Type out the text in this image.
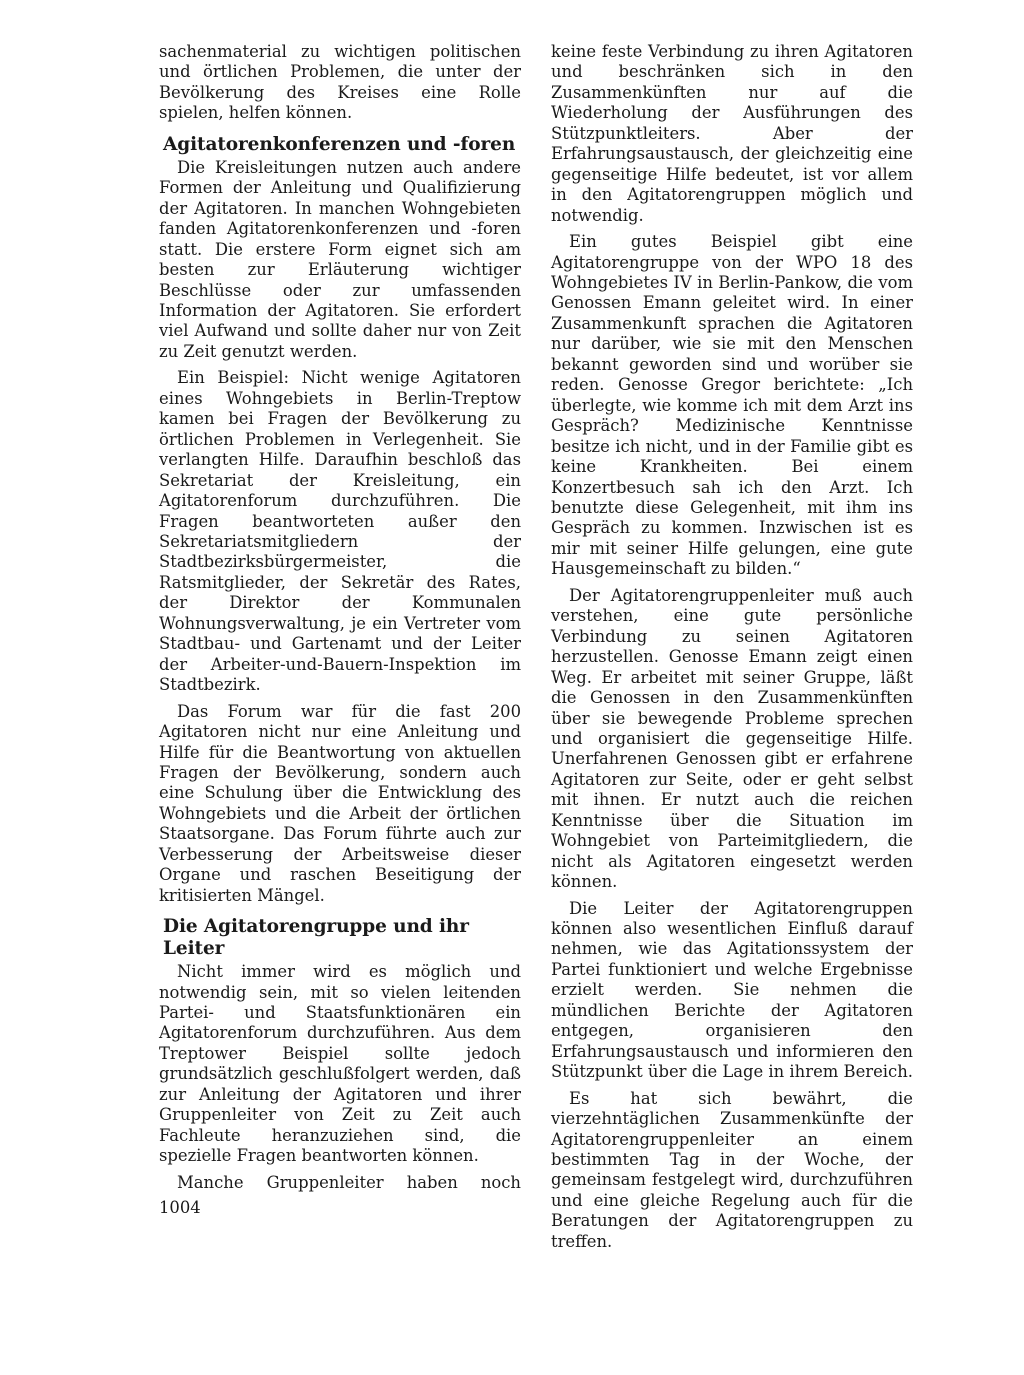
sachenmaterial zu wichtigen politischen und örtlichen Problemen, die unter der Bevölkerung des Kreises eine Rolle spielen, helfen können.

Agitatorenkonferenzen und -foren

Die Kreisleitungen nutzen auch andere Formen der Anleitung und Qualifizierung der Agitatoren. In manchen Wohngebieten fanden Agitatorenkonferenzen und -foren statt. Die erstere Form eignet sich am besten zur Erläuterung wichtiger Beschlüsse oder zur umfassenden Information der Agitatoren. Sie erfordert viel Aufwand und sollte daher nur von Zeit zu Zeit genutzt werden.

Ein Beispiel: Nicht wenige Agitatoren eines Wohngebiets in Berlin-Treptow kamen bei Fragen der Bevölkerung zu örtlichen Problemen in Verlegenheit. Sie verlangten Hilfe. Daraufhin beschloß das Sekretariat der Kreisleitung, ein Agitatorenforum durchzuführen. Die Fragen beantworteten außer den Sekretariatsmitgliedern der Stadtbezirksbürgermeister, die Ratsmitglieder, der Sekretär des Rates, der Direktor der Kommunalen Wohnungsverwaltung, je ein Vertreter vom Stadtbau- und Gartenamt und der Leiter der Arbeiter-und-Bauern-Inspektion im Stadtbezirk.

Das Forum war für die fast 200 Agitatoren nicht nur eine Anleitung und Hilfe für die Beantwortung von aktuellen Fragen der Bevölkerung, sondern auch eine Schulung über die Entwicklung des Wohngebiets und die Arbeit der örtlichen Staatsorgane. Das Forum führte auch zur Verbesserung der Arbeitsweise dieser Organe und raschen Beseitigung der kritisierten Mängel.

Die Agitatorengruppe und ihr Leiter

Nicht immer wird es möglich und notwendig sein, mit so vielen leitenden Partei- und Staatsfunktionären ein Agitatorenforum durchzuführen. Aus dem Treptower Beispiel sollte jedoch grundsätzlich geschlußfolgert werden, daß zur Anleitung der Agitatoren und ihrer Gruppenleiter von Zeit zu Zeit auch Fachleute heranzuziehen sind, die spezielle Fragen beantworten können.

Manche Gruppenleiter haben noch

keine feste Verbindung zu ihren Agitatoren und beschränken sich in den Zusammenkünften nur auf die Wiederholung der Ausführungen des Stützpunktleiters. Aber der Erfahrungsaustausch, der gleichzeitig eine gegenseitige Hilfe bedeutet, ist vor allem in den Agitatorengruppen möglich und notwendig.

Ein gutes Beispiel gibt eine Agitatorengruppe von der WPO 18 des Wohngebietes IV in Berlin-Pankow, die vom Genossen Emann geleitet wird. In einer Zusammenkunft sprachen die Agitatoren nur darüber, wie sie mit den Menschen bekannt geworden sind und worüber sie reden. Genosse Gregor berichtete: „Ich überlegte, wie komme ich mit dem Arzt ins Gespräch? Medizinische Kenntnisse besitze ich nicht, und in der Familie gibt es keine Krankheiten. Bei einem Konzertbesuch sah ich den Arzt. Ich benutzte diese Gelegenheit, mit ihm ins Gespräch zu kommen. Inzwischen ist es mir mit seiner Hilfe gelungen, eine gute Hausgemeinschaft zu bilden.“

Der Agitatorengruppenleiter muß auch verstehen, eine gute persönliche Verbindung zu seinen Agitatoren herzustellen. Genosse Emann zeigt einen Weg. Er arbeitet mit seiner Gruppe, läßt die Genossen in den Zusammenkünften über sie bewegende Probleme sprechen und organisiert die gegenseitige Hilfe. Unerfahrenen Genossen gibt er erfahrene Agitatoren zur Seite, oder er geht selbst mit ihnen. Er nutzt auch die reichen Kenntnisse über die Situation im Wohngebiet von Parteimitgliedern, die nicht als Agitatoren eingesetzt werden können.

Die Leiter der Agitatorengruppen können also wesentlichen Einfluß darauf nehmen, wie das Agitationssystem der Partei funktioniert und welche Ergebnisse erzielt werden. Sie nehmen die mündlichen Berichte der Agitatoren entgegen, organisieren den Erfahrungsaustausch und informieren den Stützpunkt über die Lage in ihrem Bereich.

Es hat sich bewährt, die vierzehntäglichen Zusammenkünfte der Agitatorengruppenleiter an einem bestimmten Tag in der Woche, der gemeinsam festgelegt wird, durchzuführen und eine gleiche Regelung auch für die Beratungen der Agitatorengruppen zu treffen.

1004
